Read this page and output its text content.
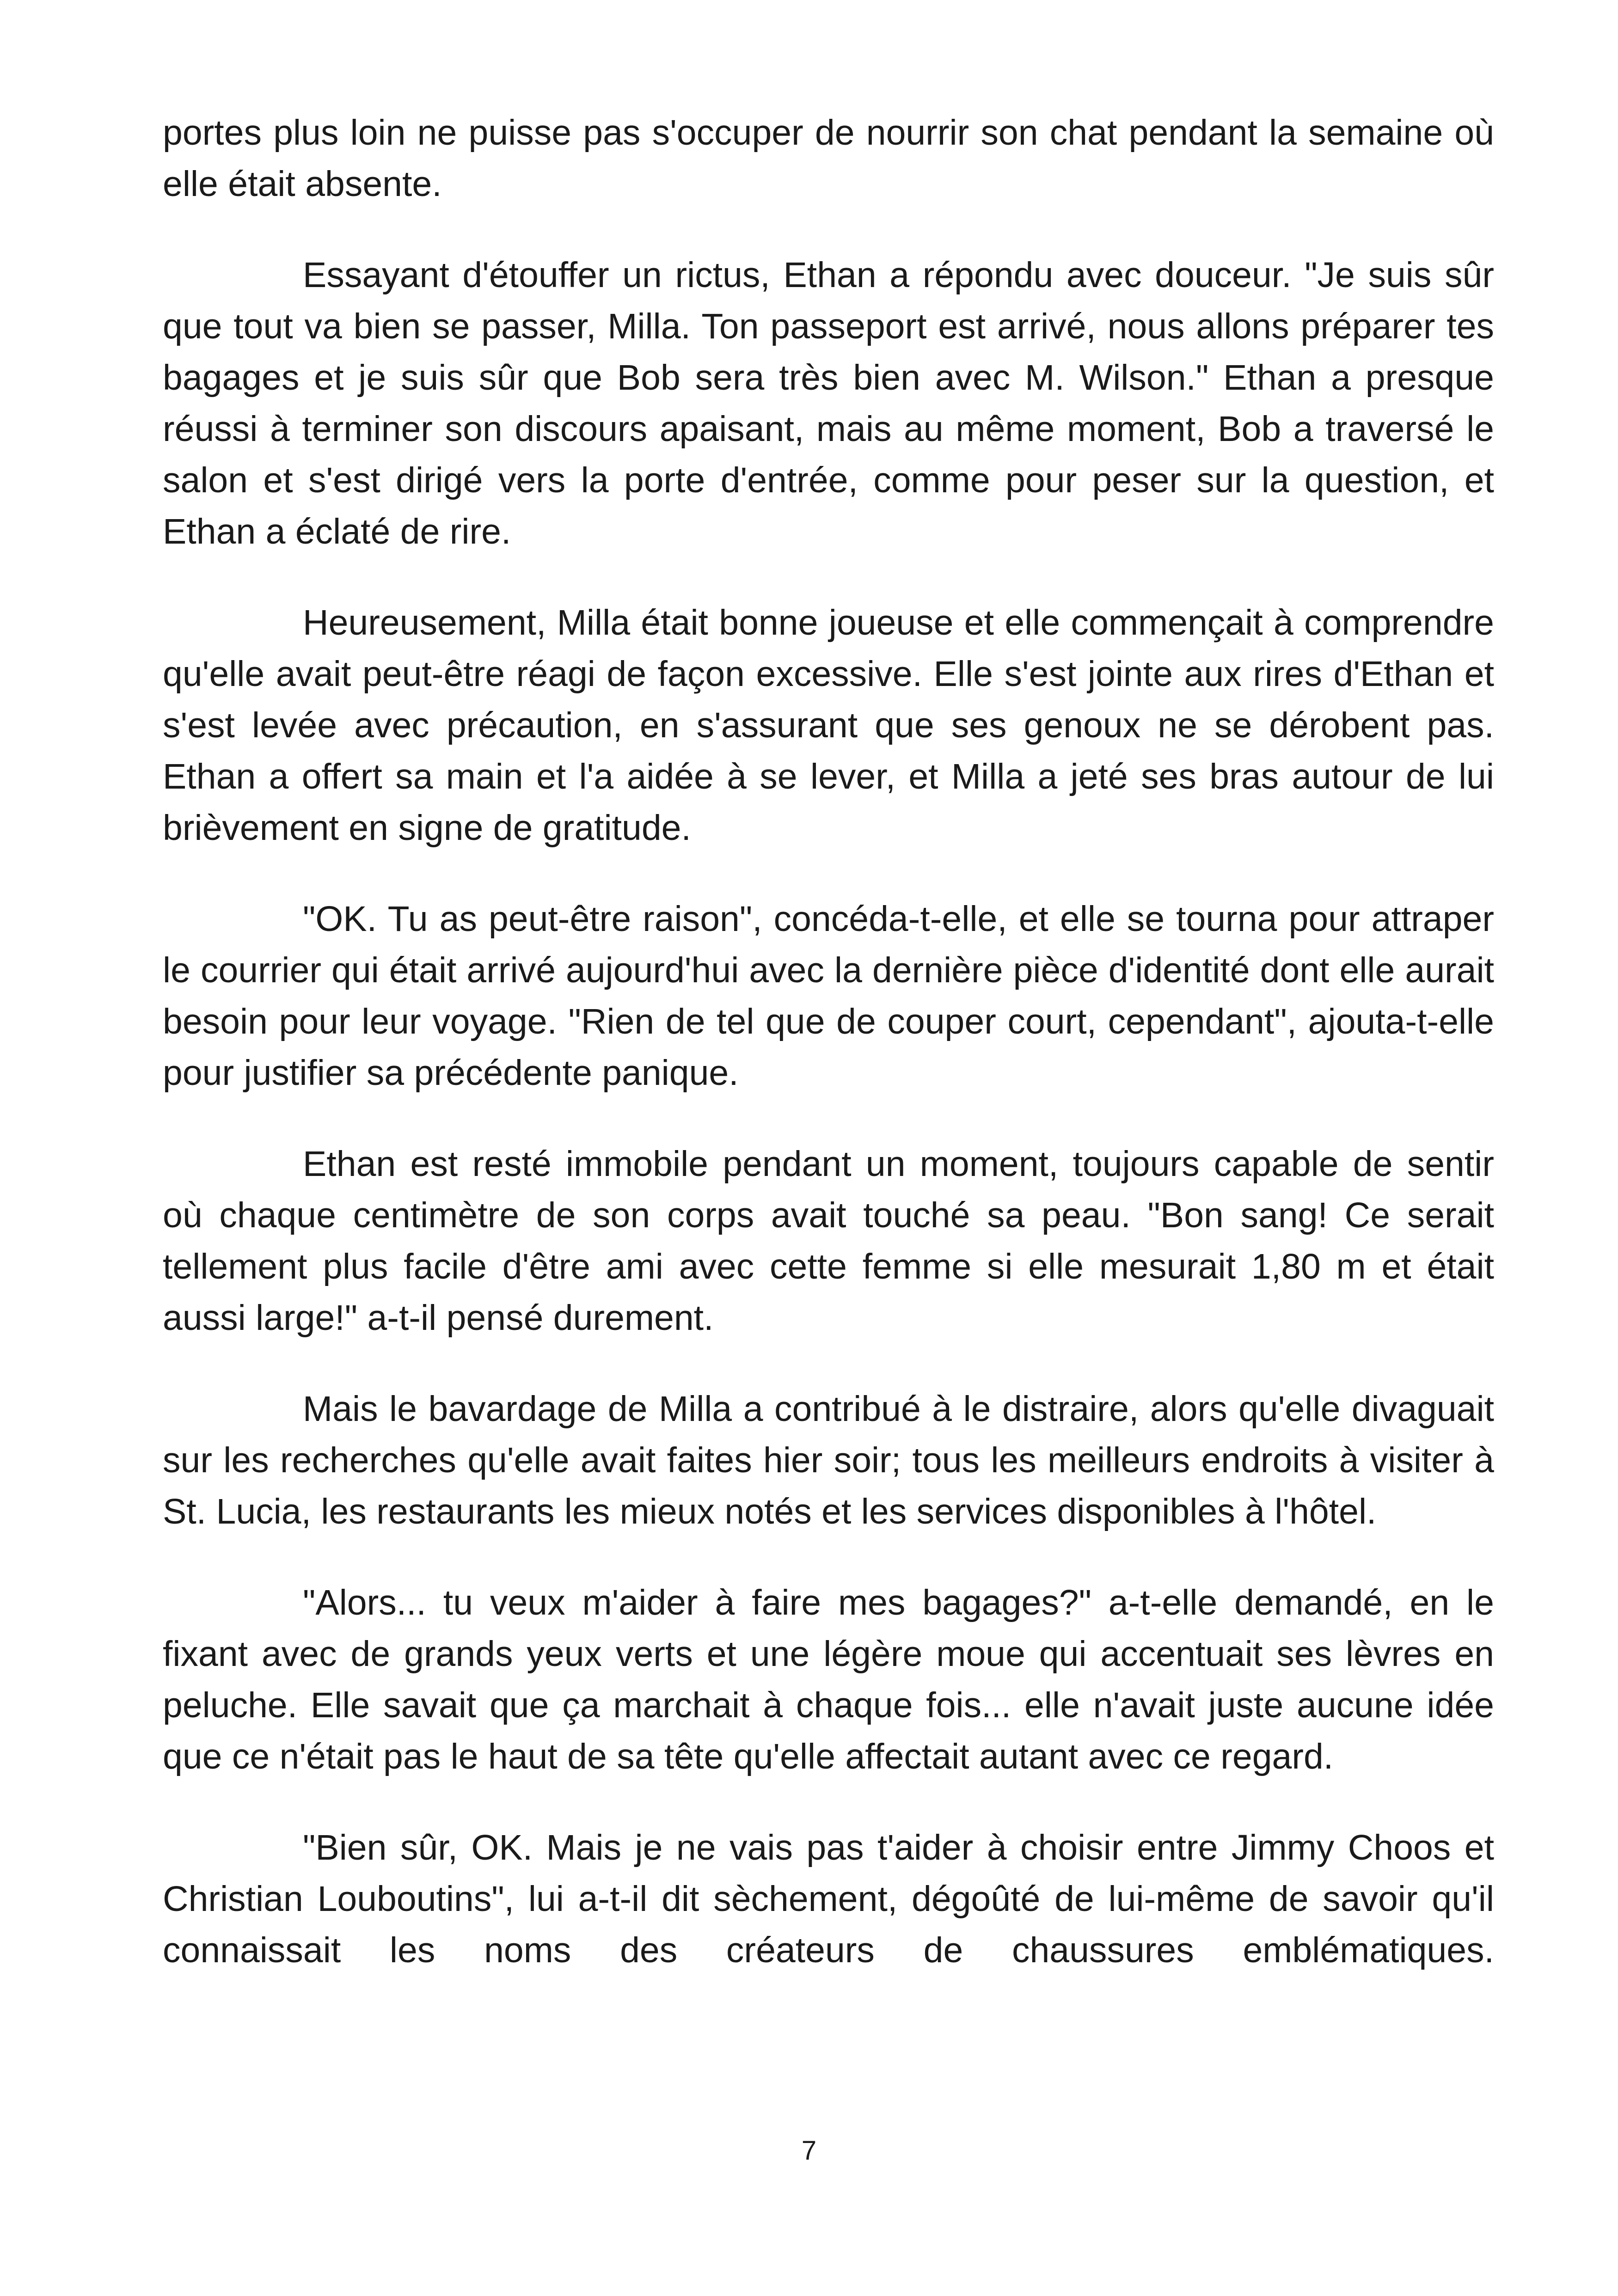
portes plus loin ne puisse pas s'occuper de nourrir son chat pendant la semaine où elle était absente.

Essayant d'étouffer un rictus, Ethan a répondu avec douceur. "Je suis sûr que tout va bien se passer, Milla. Ton passeport est arrivé, nous allons préparer tes bagages et je suis sûr que Bob sera très bien avec M. Wilson." Ethan a presque réussi à terminer son discours apaisant, mais au même moment, Bob a traversé le salon et s'est dirigé vers la porte d'entrée, comme pour peser sur la question, et Ethan a éclaté de rire.

Heureusement, Milla était bonne joueuse et elle commençait à comprendre qu'elle avait peut-être réagi de façon excessive. Elle s'est jointe aux rires d'Ethan et s'est levée avec précaution, en s'assurant que ses genoux ne se dérobent pas. Ethan a offert sa main et l'a aidée à se lever, et Milla a jeté ses bras autour de lui brièvement en signe de gratitude.

"OK. Tu as peut-être raison", concéda-t-elle, et elle se tourna pour attraper le courrier qui était arrivé aujourd'hui avec la dernière pièce d'identité dont elle aurait besoin pour leur voyage. "Rien de tel que de couper court, cependant", ajouta-t-elle pour justifier sa précédente panique.

Ethan est resté immobile pendant un moment, toujours capable de sentir où chaque centimètre de son corps avait touché sa peau. "Bon sang! Ce serait tellement plus facile d'être ami avec cette femme si elle mesurait 1,80 m et était aussi large!" a-t-il pensé durement.

Mais le bavardage de Milla a contribué à le distraire, alors qu'elle divaguait sur les recherches qu'elle avait faites hier soir; tous les meilleurs endroits à visiter à St. Lucia, les restaurants les mieux notés et les services disponibles à l'hôtel.

"Alors... tu veux m'aider à faire mes bagages?" a-t-elle demandé, en le fixant avec de grands yeux verts et une légère moue qui accentuait ses lèvres en peluche. Elle savait que ça marchait à chaque fois... elle n'avait juste aucune idée que ce n'était pas le haut de sa tête qu'elle affectait autant avec ce regard.

"Bien sûr, OK. Mais je ne vais pas t'aider à choisir entre Jimmy Choos et Christian Louboutins", lui a-t-il dit sèchement, dégoûté de lui-même de savoir qu'il connaissait les noms des créateurs de chaussures emblématiques.

7
